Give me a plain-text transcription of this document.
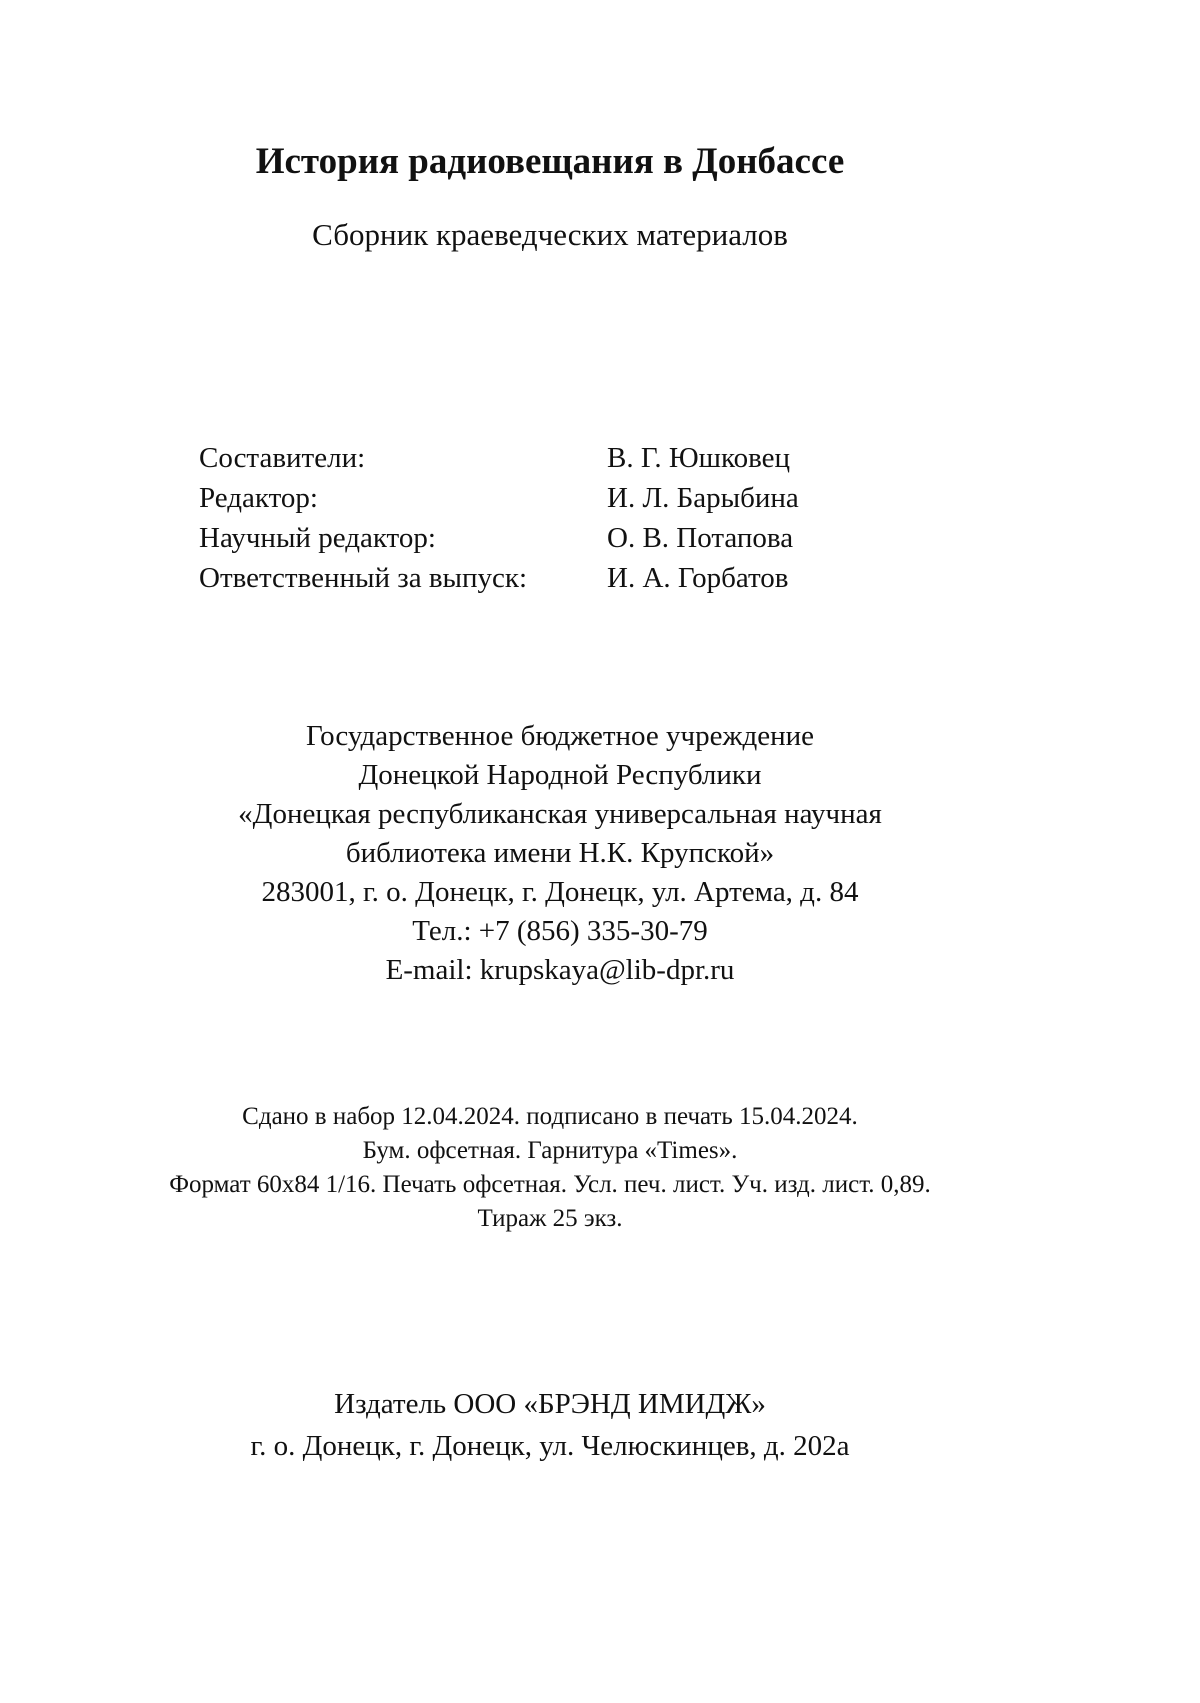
История радиовещания в Донбассе

Сборник краеведческих материалов

Составители:	В. Г. Юшковец
Редактор:	И. Л. Барыбина
Научный редактор:	О. В. Потапова
Ответственный за выпуск:	И. А. Горбатов
Государственное бюджетное учреждение
Донецкой Народной Республики
«Донецкая республиканская универсальная научная
библиотека имени Н.К. Крупской»
283001, г. о. Донецк, г. Донецк, ул. Артема, д. 84
Тел.: +7 (856) 335-30-79
E-mail: krupskaya@lib-dpr.ru
Сдано в набор 12.04.2024. подписано в печать 15.04.2024.
Бум. офсетная. Гарнитура «Times».
Формат 60х84 1/16. Печать офсетная. Усл. печ. лист. Уч. изд. лист. 0,89.
Тираж 25 экз.
Издатель ООО «БРЭНД ИМИДЖ»
г. о. Донецк, г. Донецк, ул. Челюскинцев, д. 202а
